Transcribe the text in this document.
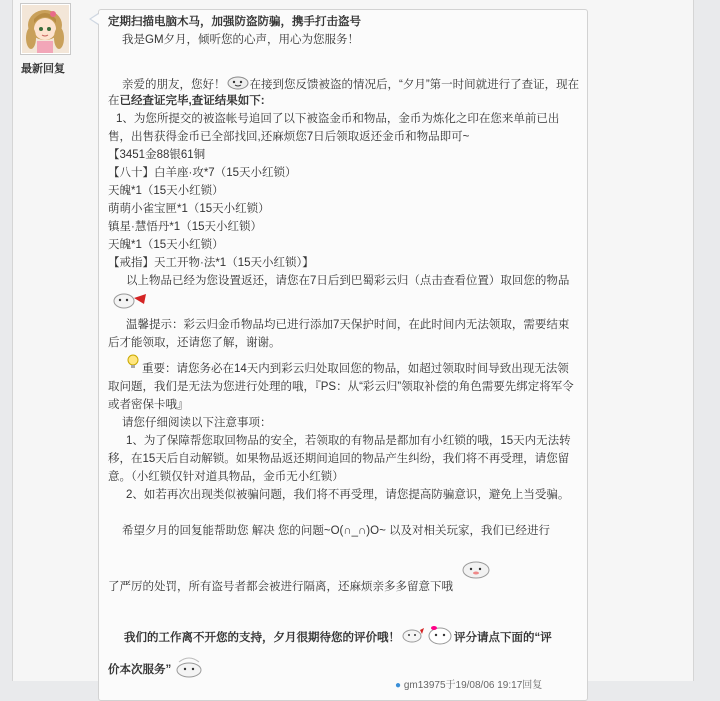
最新回复
定期扫描电脑木马，加强防盗防骗，携手打击盗号
我是GM夕月，倾听您的心声，用心为您服务！
亲爱的朋友，您好！ 在接到您反馈被盗的情况后，“夕月”第一时间就进行了查证，现在
在已经查证完毕,查证结果如下:
1、为您所提交的被盗帐号追回了以下被盗金币和物品，金币为炼化之印在您来单前已出售，出售获得金币已全部找回,还麻烦您7日后领取返还金币和物品即可~
【3451金88银61铜
【八十】白羊座·攻*7（15天小红锁）
天魄*1（15天小红锁）
萌萌小雀宝匣*1（15天小红锁）
镇星·慧悟丹*1（15天小红锁）
天魄*1（15天小红锁）
【戒指】天工开物·法*1（15天小红锁）】
以上物品已经为您设置返还，请您在7日后到巴蜀彩云归（点击查看位置）取回您的物品
温馨提示：彩云归金币物品均已进行添加7天保护时间，在此时间内无法领取，需要结束后才能领取，还请您了解，谢谢。
重要：请您务必在14天内到彩云归处取回您的物品，如超过领取时间导致出现无法领取问题，我们是无法为您进行处理的哦，『PS：从“彩云归”领取补偿的角色需要先绑定将军令或者密保卡哦』
请您仔细阅读以下注意事项：
1、为了保障帮您取回物品的安全，若领取的有物品是都加有小红锁的哦，15天内无法转移，在15天后自动解锁。如果物品返还期间追回的物品产生纠纷，我们将不再受理，请您留意。（小红锁仅针对道具物品，金币无小红锁）
2、如若再次出现类似被骗问题，我们将不再受理，请您提高防骗意识，避免上当受骗。
希望夕月的回复能帮助您 解决 您的问题~O(∩_∩)O~ 以及对相关玩家，我们已经进行
了严厉的处罚，所有盗号者都会被进行隔离，还麻烦亲多多留意下哦
我们的工作离不开您的支持，夕月很期待您的评价哦！	评分请点下面的“评
价本次服务”
● gm13975于19/08/06 19:17回复
